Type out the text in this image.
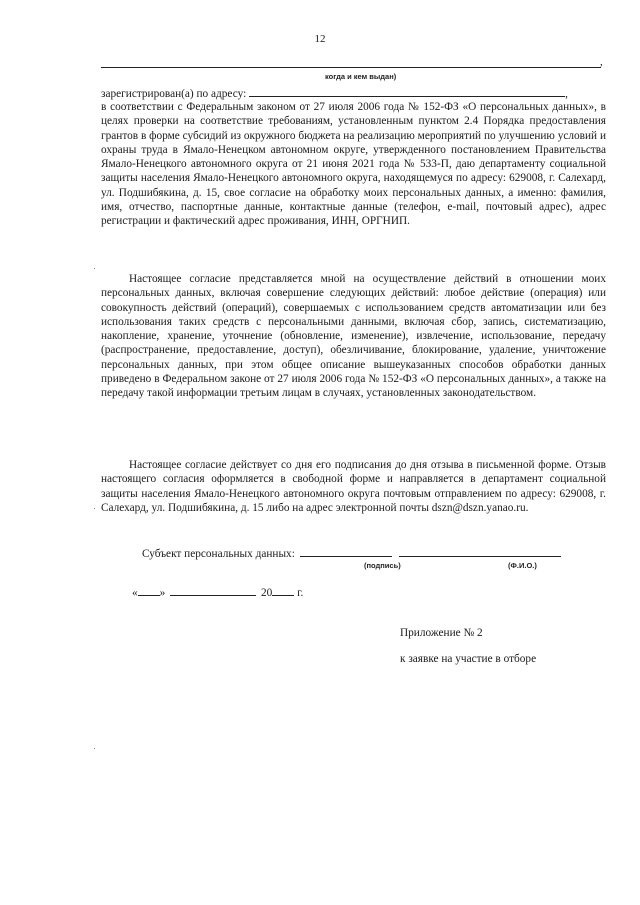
12
,
когда и кем выдан)
зарегистрирован(а) по адресу:	,

в соответствии с Федеральным законом от 27 июля 2006 года № 152-ФЗ «О персональных данных», в целях проверки на соответствие требованиям, установленным пунктом 2.4 Порядка предоставления грантов в форме субсидий из окружного бюджета на реализацию мероприятий по улучшению условий и охраны труда в Ямало-Ненецком автономном округе, утвержденного постановлением Правительства Ямало-Ненецкого автономного округа от 21 июня 2021 года № 533-П, даю департаменту социальной защиты населения Ямало-Ненецкого автономного округа, находящемуся по адресу: 629008, г. Салехард, ул. Подшибякина, д. 15, свое согласие на обработку моих персональных данных, а именно: фамилия, имя, отчество, паспортные данные, контактные данные (телефон, e-mail, почтовый адрес), адрес регистрации и фактический адрес проживания, ИНН, ОРГНИП.

Настоящее согласие представляется мной на осуществление действий в отношении моих персональных данных, включая совершение следующих действий: любое действие (операция) или совокупность действий (операций), совершаемых с использованием средств автоматизации или без использования таких средств с персональными данными, включая сбор, запись, систематизацию, накопление, хранение, уточнение (обновление, изменение), извлечение, использование, передачу (распространение, предоставление, доступ), обезличивание, блокирование, удаление, уничтожение персональных данных, при этом общее описание вышеуказанных способов обработки данных приведено в Федеральном законе от 27 июля 2006 года № 152-ФЗ «О персональных данных», а также на передачу такой информации третьим лицам в случаях, установленных законодательством.

Настоящее согласие действует со дня его подписания до дня отзыва в письменной форме. Отзыв настоящего согласия оформляется в свободной форме и направляется в департамент социальной защиты населения Ямало-Ненецкого автономного округа почтовым отправлением по адресу: 629008, г. Салехард, ул. Подшибякина, д. 15 либо на адрес электронной почты dszn@dszn.yanao.ru.

Субъект персональных данных:
(подпись)	(Ф.И.О.)
« »	20 г.
Приложение № 2
к заявке на участие в отборе
